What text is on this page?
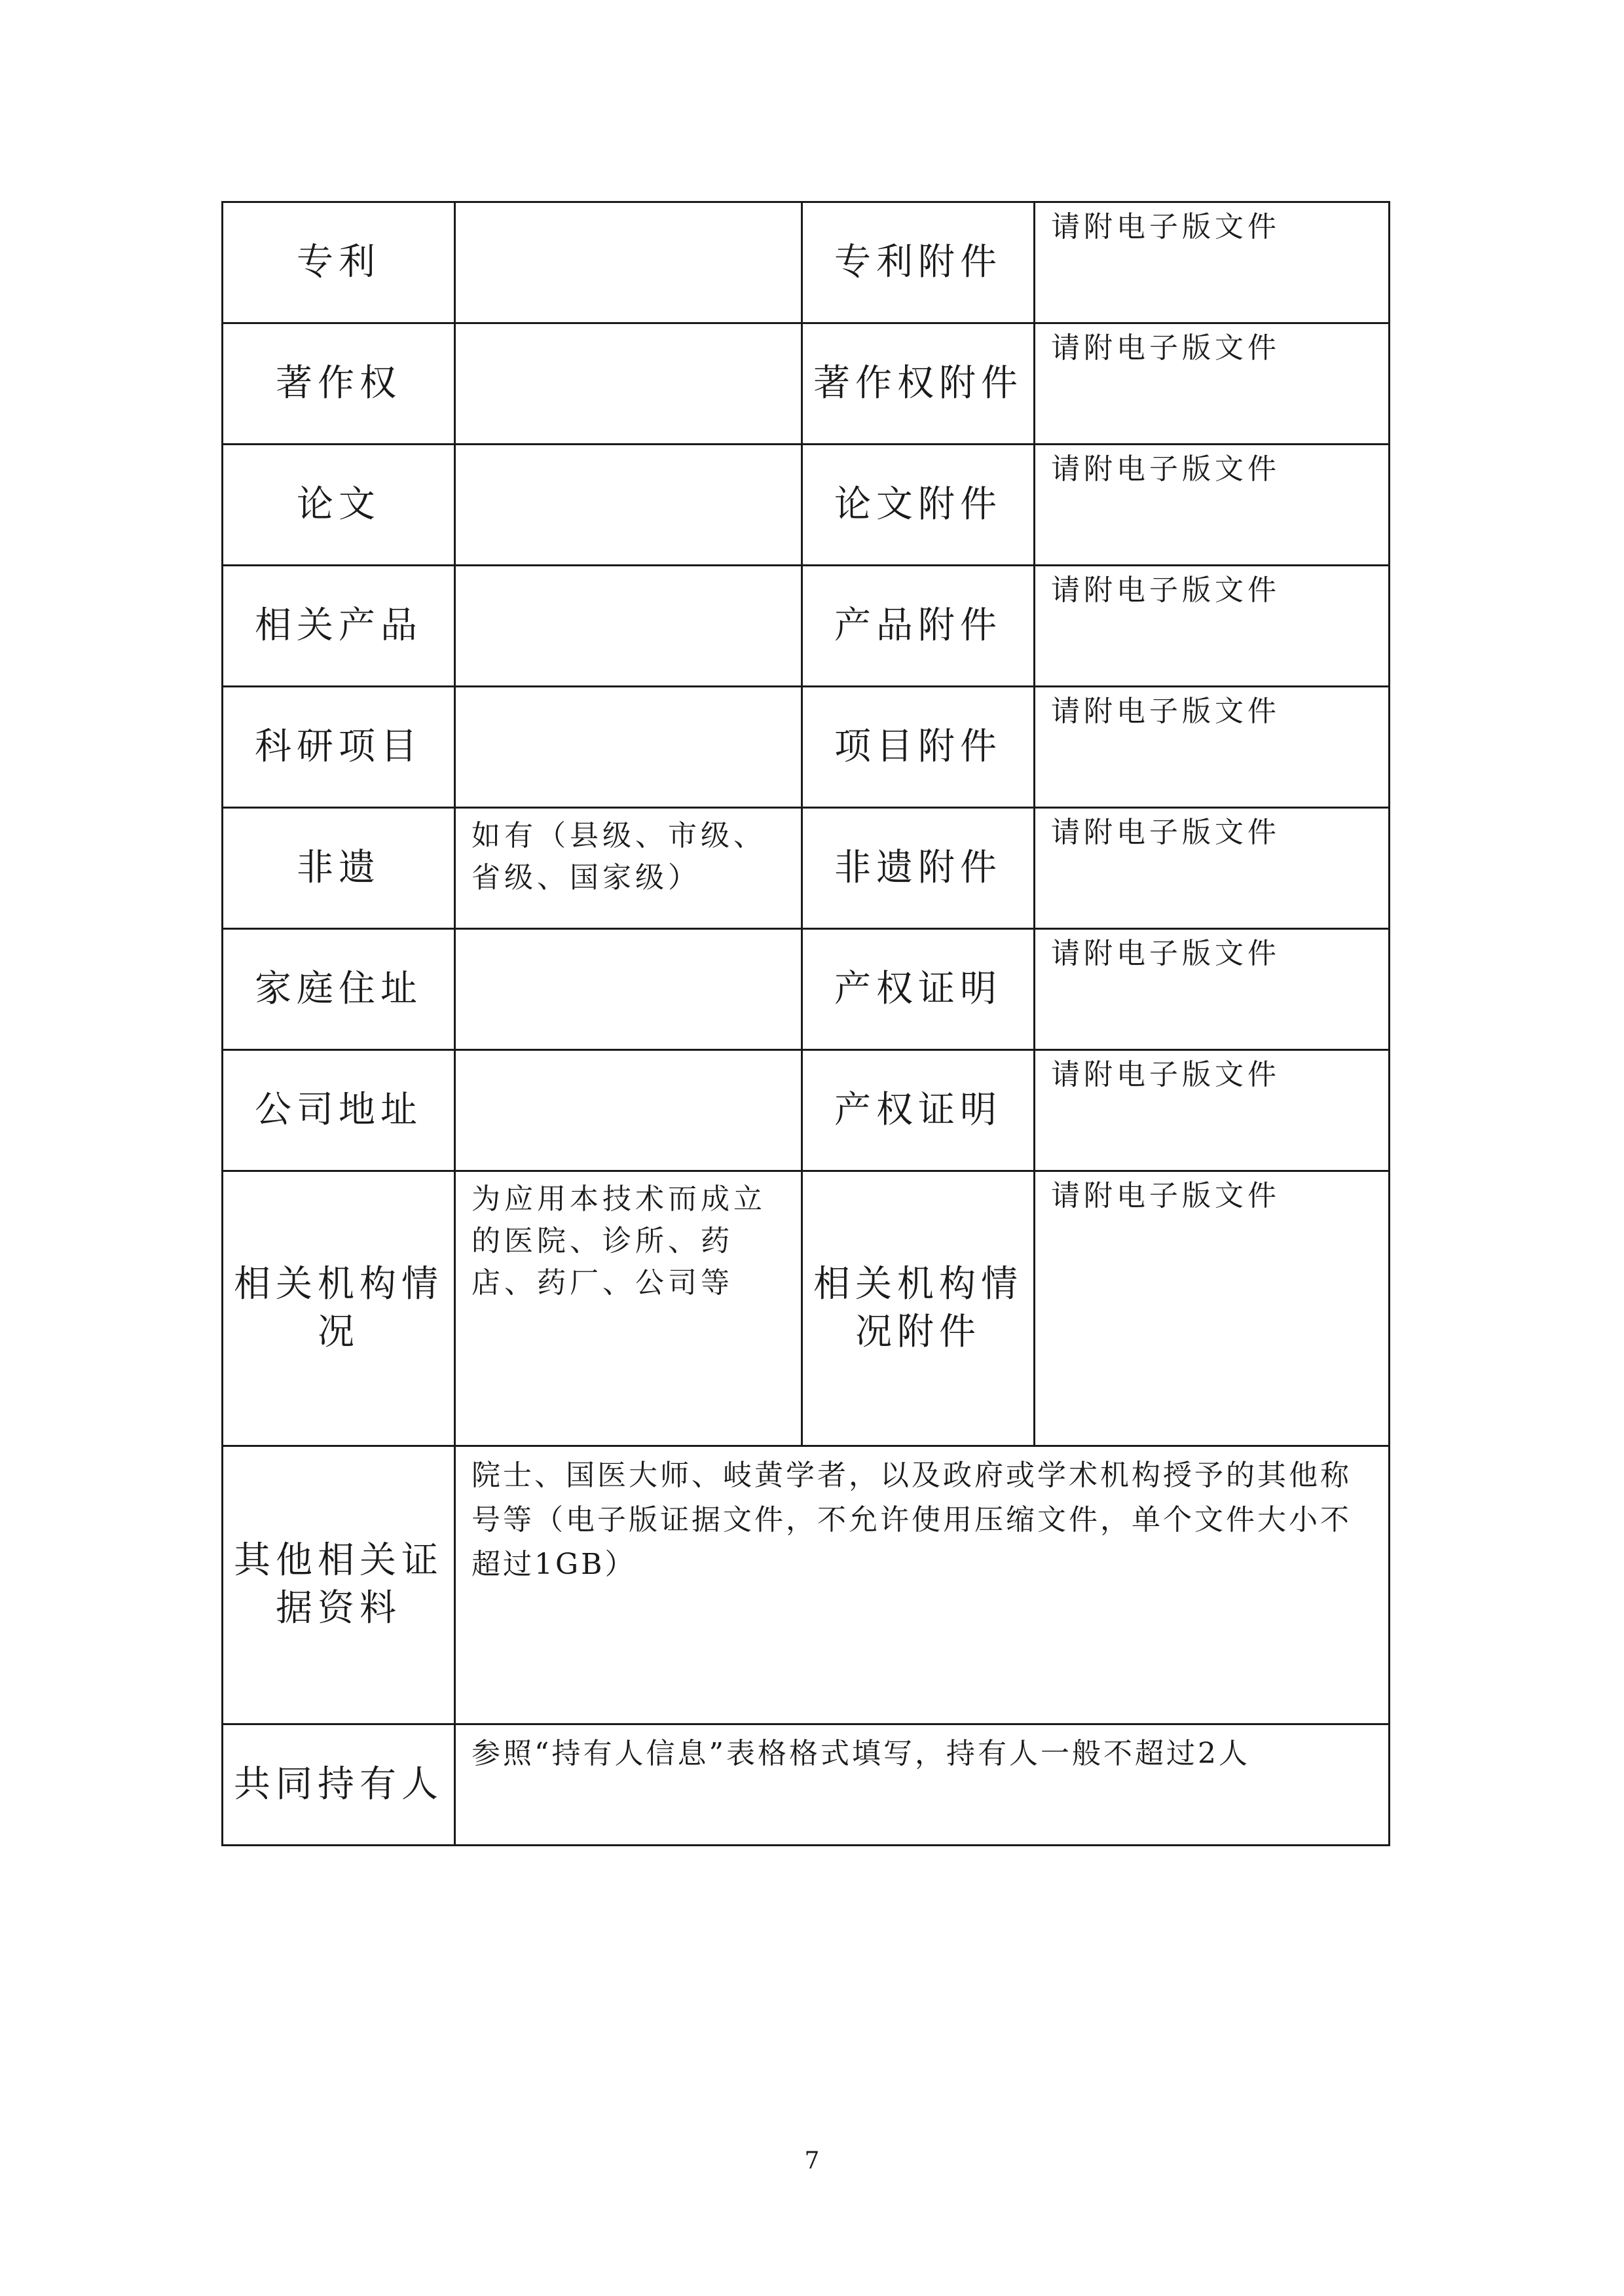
专利		专利附件	请附电子版文件
著作权		著作权附件	请附电子版文件
论文		论文附件	请附电子版文件
相关产品		产品附件	请附电子版文件
科研项目		项目附件	请附电子版文件
非遗	如有（县级、市级、省级、国家级）	非遗附件	请附电子版文件
家庭住址		产权证明	请附电子版文件
公司地址		产权证明	请附电子版文件
相关机构情况	为应用本技术而成立的医院、诊所、药店、药厂、公司等	相关机构情况附件	请附电子版文件
其他相关证据资料	院士、国医大师、岐黄学者，以及政府或学术机构授予的其他称号等（电子版证据文件，不允许使用压缩文件，单个文件大小不超过1GB）		
共同持有人	参照“持有人信息”表格格式填写，持有人一般不超过2人		
7
